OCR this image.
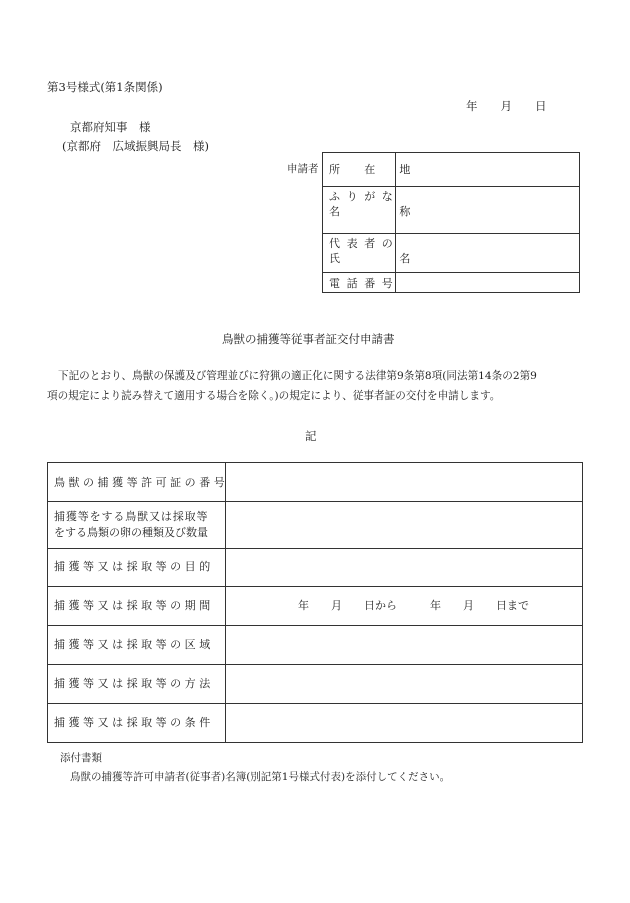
第3号様式(第1条関係)
年　　月　　日
京都府知事　様
(京都府　広域振興局長　様)
申請者 所　在　地
ふりがな
名　　　称
代表者の
氏　　　名
電話番号
鳥獣の捕獲等従事者証交付申請書
下記のとおり、鳥獣の保護及び管理並びに狩猟の適正化に関する法律第9条第8項(同法第14条の2第9
項の規定により読み替えて適用する場合を除く。)の規定により、従事者証の交付を申請します。
記
鳥獣の捕獲等許可証の番号
捕獲等をする鳥獣又は採取等
をする鳥類の卵の種類及び数量
捕獲等又は採取等の目的
捕獲等又は採取等の期間	年　　月　　日から　　　年　　月　　日まで
捕獲等又は採取等の区域
捕獲等又は採取等の方法
捕獲等又は採取等の条件
添付書類
鳥獣の捕獲等許可申請者(従事者)名簿(別記第1号様式付表)を添付してください。
